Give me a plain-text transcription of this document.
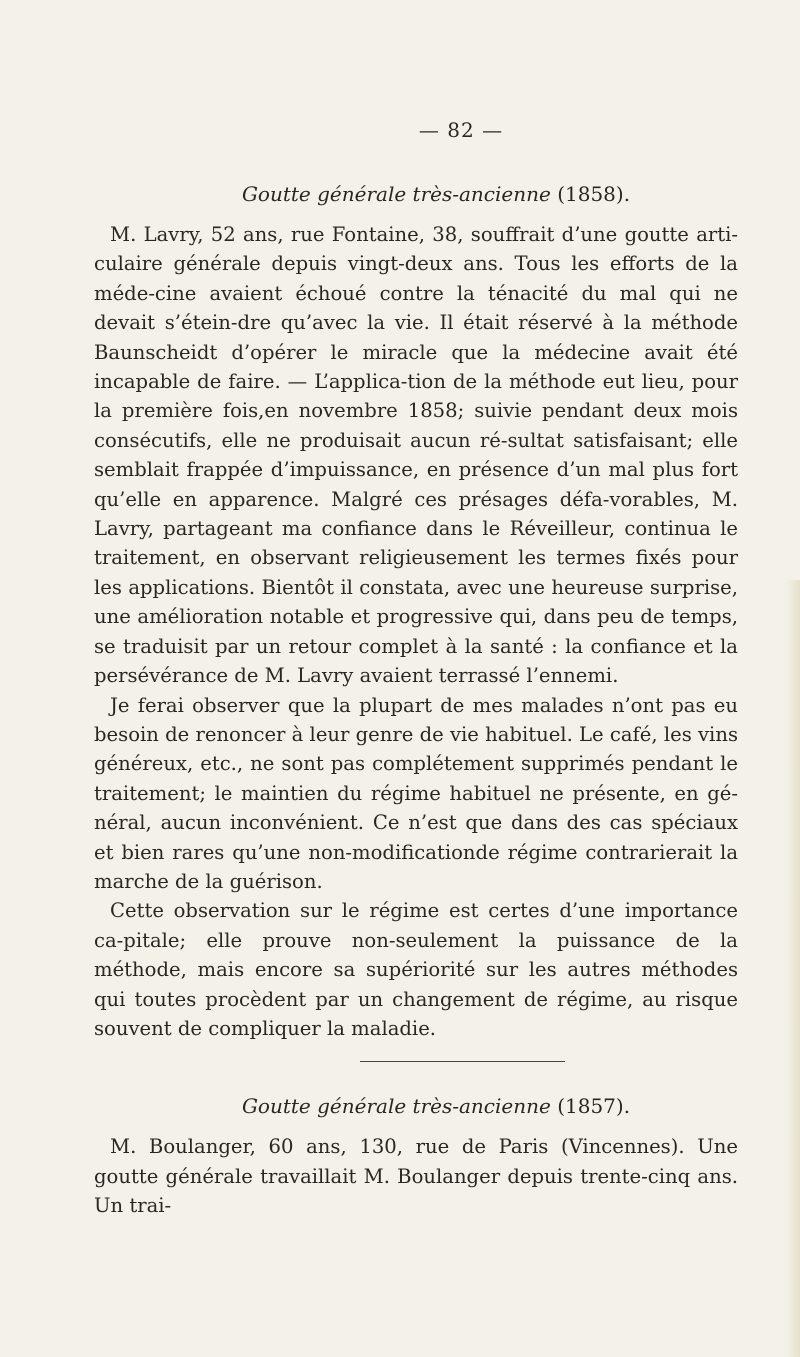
— 82 —
Goutte générale très-ancienne (1858).

M. Lavry, 52 ans, rue Fontaine, 38, souffrait d’une goutte arti-culaire générale depuis vingt-deux ans. Tous les efforts de la méde-cine avaient échoué contre la ténacité du mal qui ne devait s’étein-dre qu’avec la vie. Il était réservé à la méthode Baunscheidt d’opérer le miracle que la médecine avait été incapable de faire. — L’applica-tion de la méthode eut lieu, pour la première fois,en novembre 1858; suivie pendant deux mois consécutifs, elle ne produisait aucun ré-sultat satisfaisant; elle semblait frappée d’impuissance, en présence d’un mal plus fort qu’elle en apparence. Malgré ces présages défa-vorables, M. Lavry, partageant ma confiance dans le Réveilleur, continua le traitement, en observant religieusement les termes fixés pour les applications. Bientôt il constata, avec une heureuse surprise, une amélioration notable et progressive qui, dans peu de temps, se traduisit par un retour complet à la santé : la confiance et la persévérance de M. Lavry avaient terrassé l’ennemi.

Je ferai observer que la plupart de mes malades n’ont pas eu besoin de renoncer à leur genre de vie habituel. Le café, les vins généreux, etc., ne sont pas complétement supprimés pendant le traitement; le maintien du régime habituel ne présente, en gé-néral, aucun inconvénient. Ce n’est que dans des cas spéciaux et bien rares qu’une non-modificationde régime contrarierait la marche de la guérison.

Cette observation sur le régime est certes d’une importance ca-pitale; elle prouve non-seulement la puissance de la méthode, mais encore sa supériorité sur les autres méthodes qui toutes procèdent par un changement de régime, au risque souvent de compliquer la maladie.

Goutte générale très-ancienne (1857).

M. Boulanger, 60 ans, 130, rue de Paris (Vincennes). Une goutte générale travaillait M. Boulanger depuis trente-cinq ans. Un trai-
